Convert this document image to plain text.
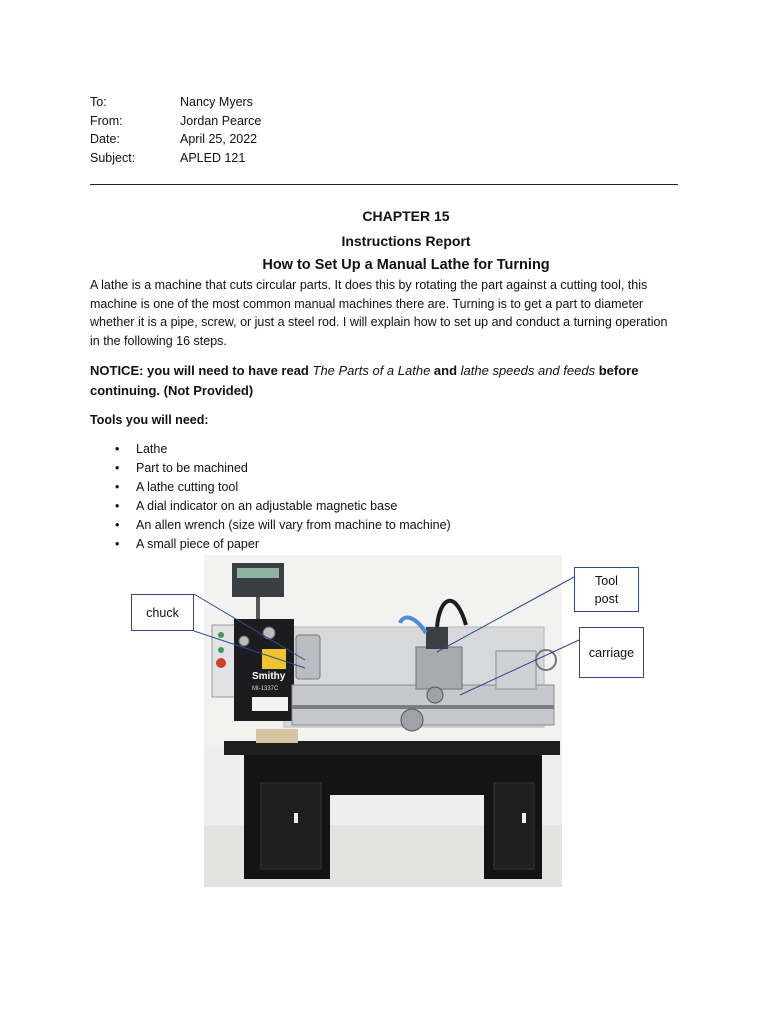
To:	Nancy Myers
From:	Jordan Pearce
Date:	April 25, 2022
Subject:	APLED 121
CHAPTER 15
Instructions Report
How to Set Up a Manual Lathe for Turning

A lathe is a machine that cuts circular parts. It does this by rotating the part against a cutting tool, this machine is one of the most common manual machines there are. Turning is to get a part to diameter whether it is a pipe, screw, or just a steel rod. I will explain how to set up and conduct a turning operation in the following 16 steps.

NOTICE: you will need to have read The Parts of a Lathe and lathe speeds and feeds before continuing. (Not Provided)

Tools you will need:

• Lathe
• Part to be machined
• A lathe cutting tool
• A dial indicator on an adjustable magnetic base
• An allen wrench (size will vary from machine to machine)
• A small piece of paper
Smithy
MI-1337C
chuck
Tool
post
carriage
